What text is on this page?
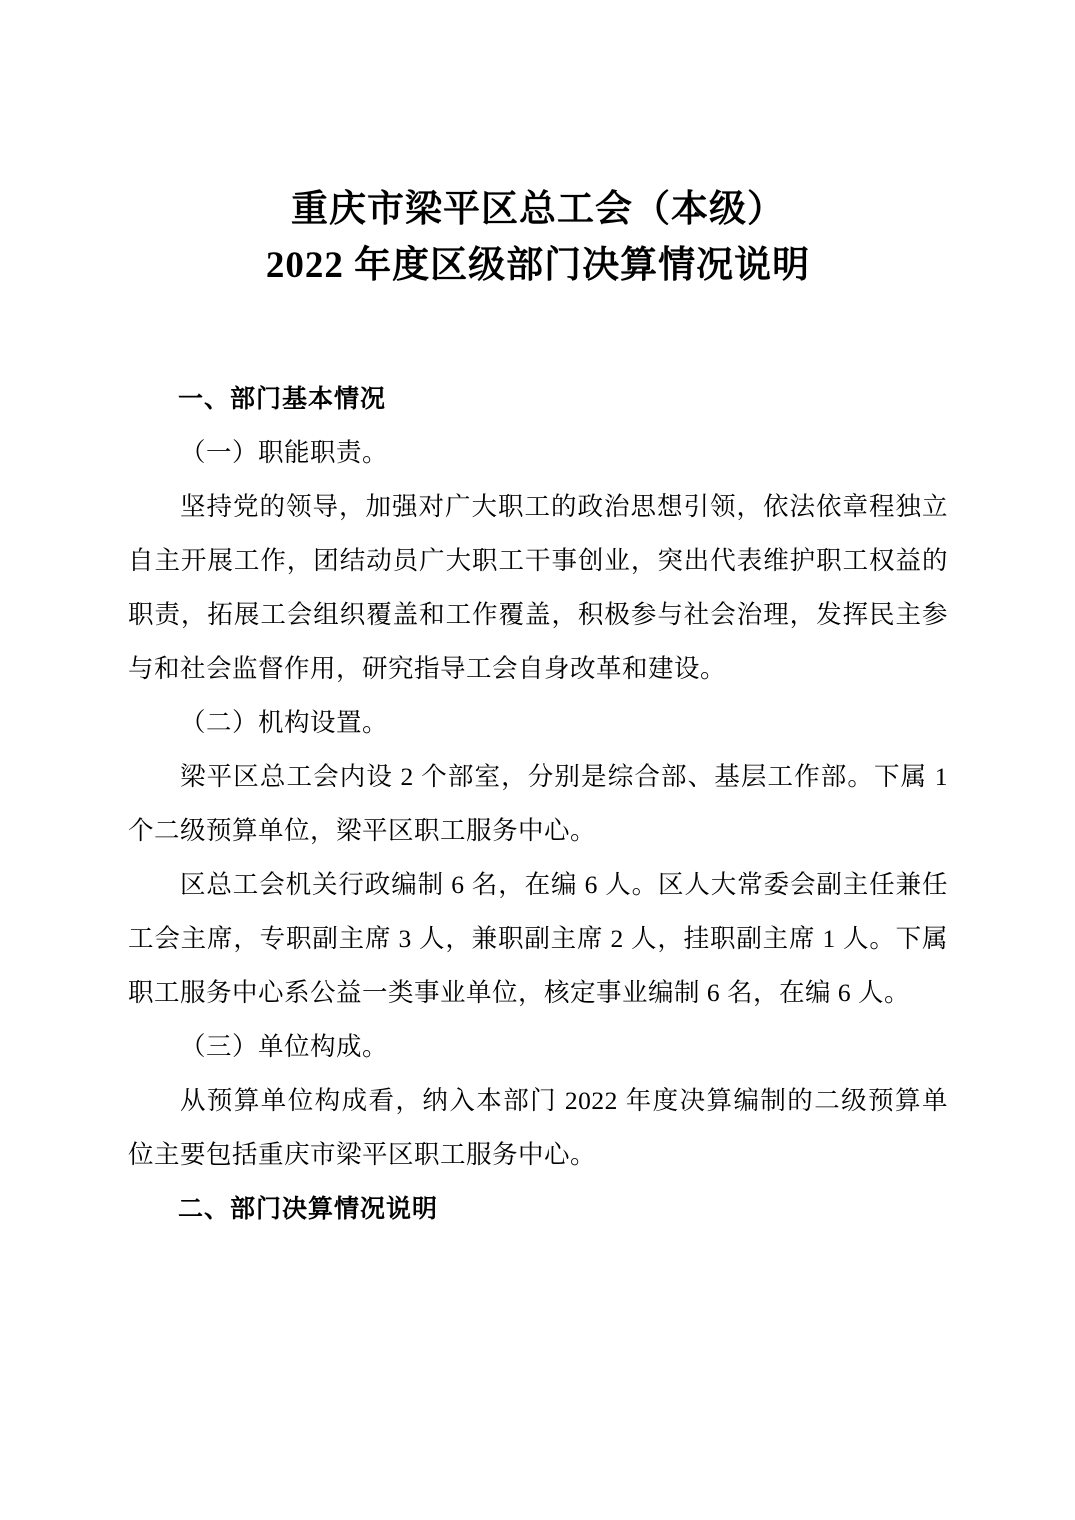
重庆市梁平区总工会（本级）
2022 年度区级部门决算情况说明
一、部门基本情况

（一）职能职责。

坚持党的领导，加强对广大职工的政治思想引领，依法依章程独立自主开展工作，团结动员广大职工干事创业，突出代表维护职工权益的职责，拓展工会组织覆盖和工作覆盖，积极参与社会治理，发挥民主参与和社会监督作用，研究指导工会自身改革和建设。

（二）机构设置。

梁平区总工会内设 2 个部室，分别是综合部、基层工作部。下属 1 个二级预算单位，梁平区职工服务中心。

区总工会机关行政编制 6 名，在编 6 人。区人大常委会副主任兼任工会主席，专职副主席 3 人，兼职副主席 2 人，挂职副主席 1 人。下属职工服务中心系公益一类事业单位，核定事业编制 6 名，在编 6 人。

（三）单位构成。

从预算单位构成看，纳入本部门 2022 年度决算编制的二级预算单位主要包括重庆市梁平区职工服务中心。

二、部门决算情况说明
